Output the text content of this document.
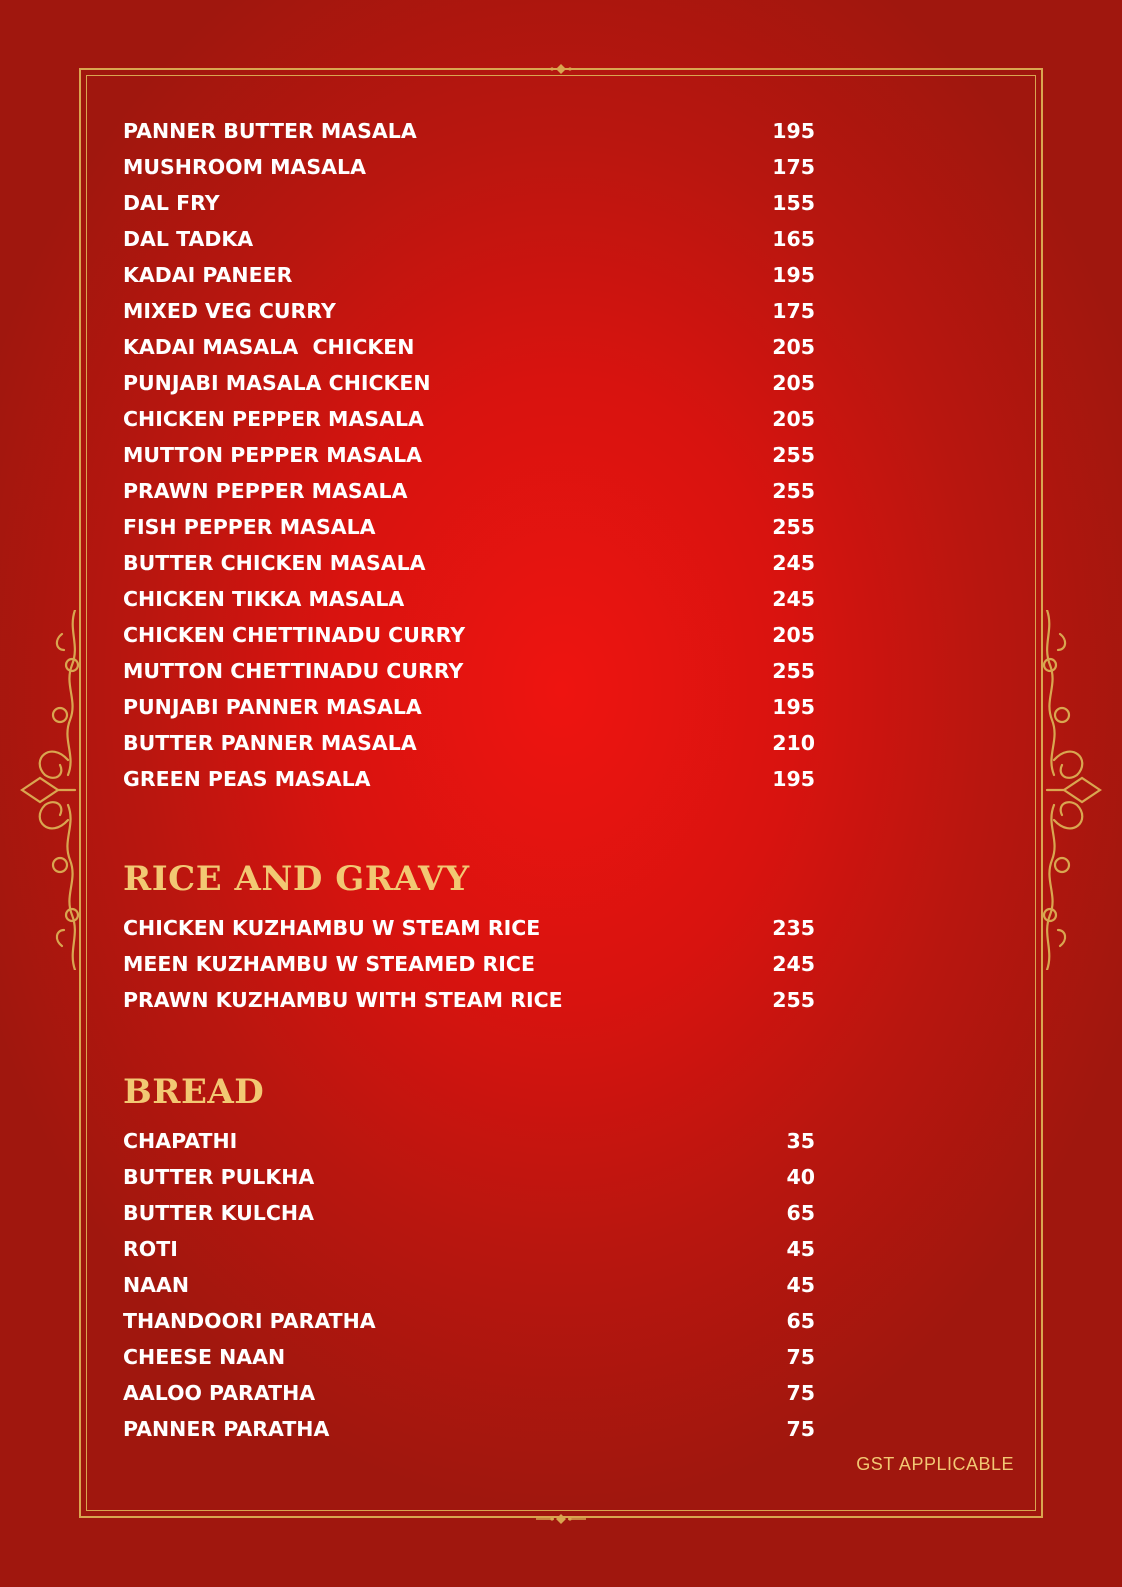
PANNER BUTTER MASALA	195
MUSHROOM MASALA	175
DAL FRY	155
DAL TADKA	165
KADAI PANEER	195
MIXED VEG CURRY	175
KADAI MASALA  CHICKEN	205
PUNJABI MASALA CHICKEN	205
CHICKEN PEPPER MASALA	205
MUTTON PEPPER MASALA	255
PRAWN PEPPER MASALA	255
FISH PEPPER MASALA	255
BUTTER CHICKEN MASALA	245
CHICKEN TIKKA MASALA	245
CHICKEN CHETTINADU CURRY	205
MUTTON CHETTINADU CURRY	255
PUNJABI PANNER MASALA	195
BUTTER PANNER MASALA	210
GREEN PEAS MASALA	195
RICE AND GRAVY
CHICKEN KUZHAMBU W STEAM RICE	235
MEEN KUZHAMBU W STEAMED RICE	245
PRAWN KUZHAMBU WITH STEAM RICE	255
BREAD
CHAPATHI	35
BUTTER PULKHA	40
BUTTER KULCHA	65
ROTI	45
NAAN	45
THANDOORI PARATHA	65
CHEESE NAAN	75
AALOO PARATHA	75
PANNER PARATHA	75
GST APPLICABLE
